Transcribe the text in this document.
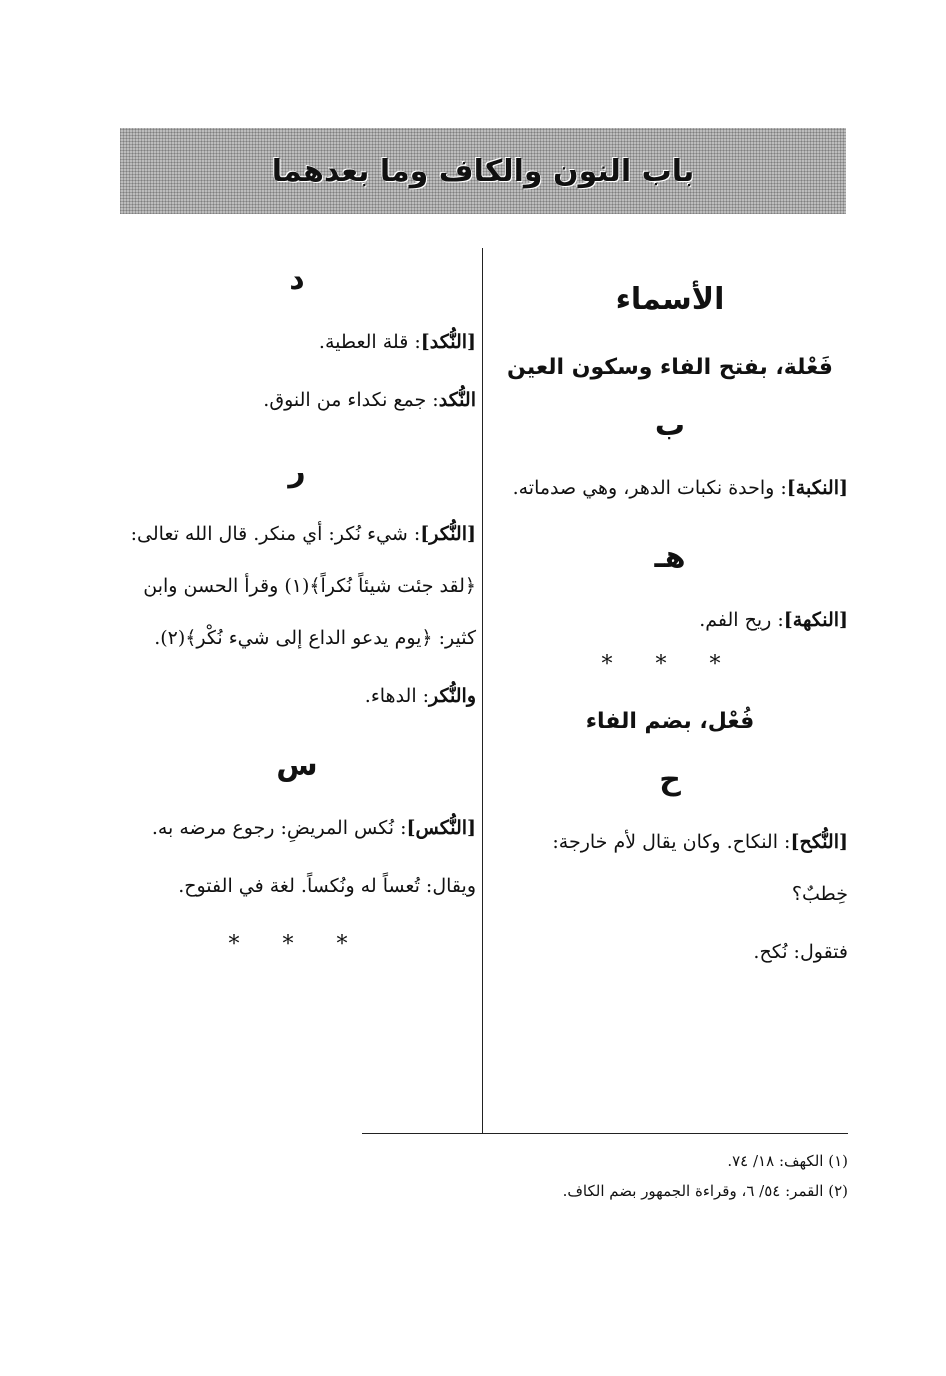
باب النون والكاف وما بعدهما
الأسماء
فَعْلة، بفتح الفاء وسكون العين
ب
[النكبة]: واحدة نكبات الدهر، وهي صدماته.
هـ
[النكهة]: ريح الفم.
* * *
فُعْل، بضم الفاء
ح
[النُّكح]: النكاح. وكان يقال لأم خارجة: خِطبٌ؟
فتقول: نُكح.
د
[النُّكد]: قلة العطية.
النُّكد: جمع نكداء من النوق.
ر
[النُّكر]: شيء نُكر: أي منكر. قال الله تعالى: ﴿لقد جئت شيئاً نُكراً﴾(١) وقرأ الحسن وابن كثير: ﴿يوم يدعو الداع إلى شيء نُكْر﴾(٢).
والنُّكر: الدهاء.
س
[النُّكس]: نُكس المريضِ: رجوع مرضه به.
ويقال: تُعساً له ونُكساً. لغة في الفتوح.
* * *
(١) الكهف: ١٨/ ٧٤.
(٢) القمر: ٥٤/ ٦، وقراءة الجمهور بضم الكاف.
